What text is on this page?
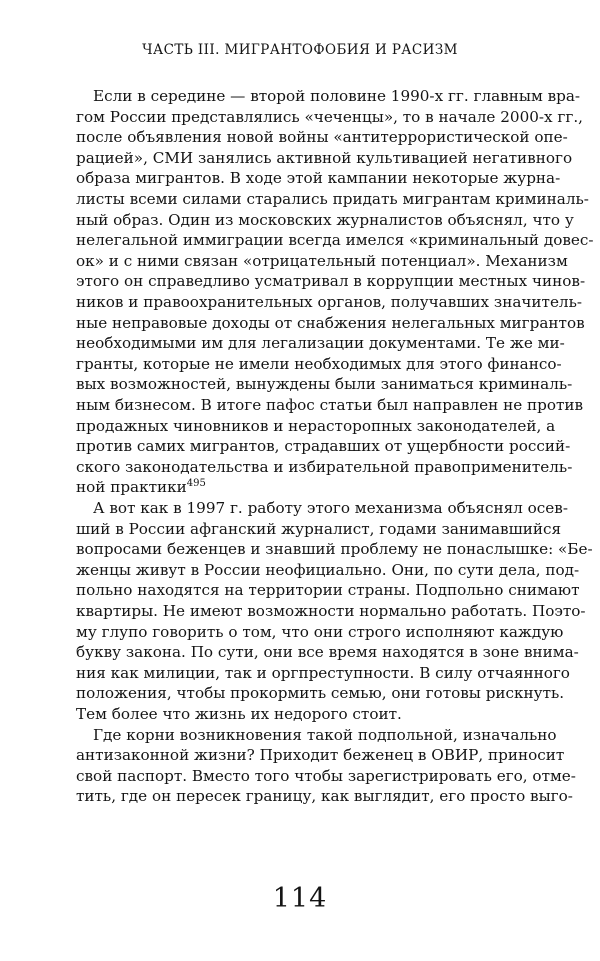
ЧАСТЬ III. МИГРАНТОФОБИЯ И РАСИЗМ
Если в середине — второй половине 1990-х гг. главным вра-
гом России представлялись «чеченцы», то в начале 2000-х гг.,
после объявления новой войны «антитеррористической опе-
рацией», СМИ занялись активной культивацией негативного
образа мигрантов. В ходе этой кампании некоторые журна-
листы всеми силами старались придать мигрантам криминаль-
ный образ. Один из московских журналистов объяснял, что у
нелегальной иммиграции всегда имелся «криминальный довес-
ок» и с ними связан «отрицательный потенциал». Механизм
этого он справедливо усматривал в коррупции местных чинов-
ников и правоохранительных органов, получавших значитель-
ные неправовые доходы от снабжения нелегальных мигрантов
необходимыми им для легализации документами. Те же ми-
гранты, которые не имели необходимых для этого финансо-
вых возможностей, вынуждены были заниматься криминаль-
ным бизнесом. В итоге пафос статьи был направлен не против
продажных чиновников и нерасторопных законодателей, а
против самих мигрантов, страдавших от ущербности россий-
ского законодательства и избирательной правоприменитель-
ной практики$^{495}$
А вот как в 1997 г. работу этого механизма объяснял осев-
ший в России афганский журналист, годами занимавшийся
вопросами беженцев и знавший проблему не понаслышке: «Бе-
женцы живут в России неофициально. Они, по сути дела, под-
польно находятся на территории страны. Подпольно снимают
квартиры. Не имеют возможности нормально работать. Поэто-
му глупо говорить о том, что они строго исполняют каждую
букву закона. По сути, они все время находятся в зоне внима-
ния как милиции, так и оргпреступности. В силу отчаянного
положения, чтобы прокормить семью, они готовы рискнуть.
Тем более что жизнь их недорого стоит.
Где корни возникновения такой подпольной, изначально
антизаконной жизни? Приходит беженец в ОВИР, приносит
свой паспорт. Вместо того чтобы зарегистрировать его, отме-
тить, где он пересек границу, как выглядит, его просто выго-
114
